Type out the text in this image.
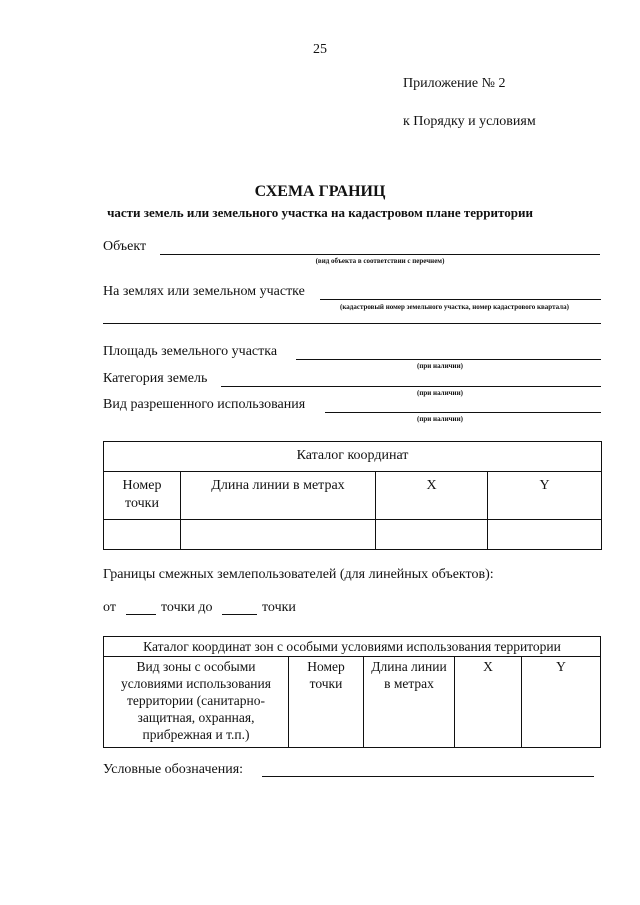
25
Приложение № 2
к Порядку и условиям
СХЕМА ГРАНИЦ
части земель или земельного участка на кадастровом плане территории
Объект
(вид объекта в соответствии с перечнем)
На землях или земельном участке
(кадастровый номер земельного участка, номер кадастрового квартала)
Площадь земельного участка
(при наличии)
Категория земель
(при наличии)
Вид разрешенного использования
(при наличии)
Каталог координат			
Номер точки	Длина линии в метрах	X	Y

Границы смежных землепользователей (для линейных объектов):
от	точки до	точки
Каталог координат зон с особыми условиями использования территории
Вид зоны с особыми условиями использования территории (санитарно-защитная, охранная, прибрежная и т.п.)	Номер точки	Длина линии в метрах	X	Y
Условные обозначения:
